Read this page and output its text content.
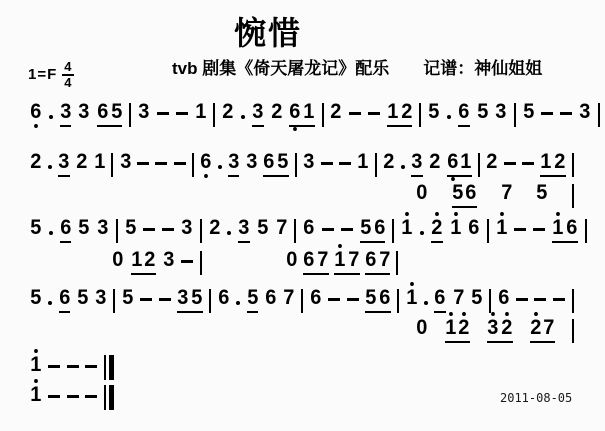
惋惜
tvb 剧集《倚天屠龙记》配乐 记谱：神仙姐姐
$1=F \frac{4}{4}$
6 3 3 6 5 3 1 2 3 2 6 1 2 1 2 5 6 5 3 5 3
2 3 2 1 3	6 3 3 6 5 3 1 2 3 2 6 1 2 1 2
0 5 6 7 5
5 6 5 3 5 3 2 3 5 7 6 5 6 1 2 1 6 1 1 6
0 1 2 3	0 6 7 1 7 6 7
5 6 5 3 5 3 5 6 5 6 7 6 5 6 1 6 7 5 6
0 1 2 3 2 2 7
1
1	2011-08-05
